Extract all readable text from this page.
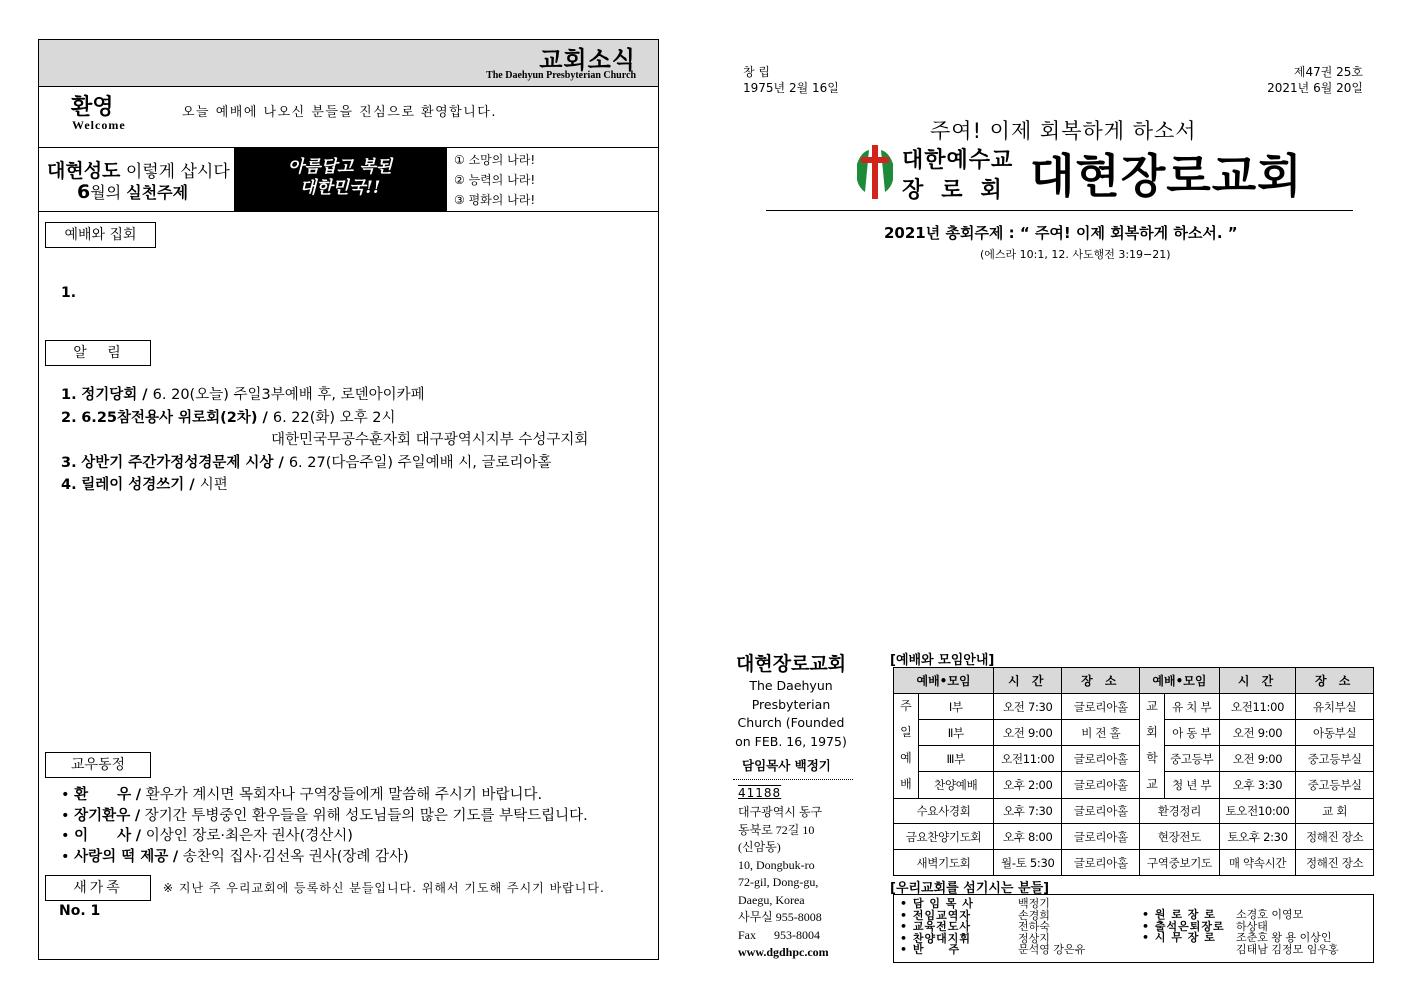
교회소식
The Daehyun Presbyterian Church
환영
Welcome
오늘 예배에 나오신 분들을 진심으로 환영합니다.
대현성도 이렇게 삽시다
6월의 실천주제
아름답고 복된
대한민국!!
① 소망의 나라!
② 능력의 나라!
③ 평화의 나라!
예배와 집회
1.
알 림
1. 정기당회 / 6. 20(오늘) 주일3부예배 후, 로덴아이카페
2. 6.25참전용사 위로회(2차) / 6. 22(화) 오후 2시
대한민국무공수훈자회 대구광역시지부 수성구지회
3. 상반기 주간가정성경문제 시상 / 6. 27(다음주일) 주일예배 시, 글로리아홀
4. 릴레이 성경쓰기 / 시편
교우동정
• 환　　우 / 환우가 계시면 목회자나 구역장들에게 말씀해 주시기 바랍니다.
• 장기환우 / 장기간 투병중인 환우들을 위해 성도님들의 많은 기도를 부탁드립니다.
• 이　　사 / 이상인 장로·최은자 권사(경산시)
• 사랑의 떡 제공 / 송찬익 집사·김선옥 권사(장례 감사)
새가족	※ 지난 주 우리교회에 등록하신 분들입니다. 위해서 기도해 주시기 바랍니다.
No. 1
창 립
1975년 2월 16일
제47권 25호
2021년 6월 20일
주여! 이제 회복하게 하소서
대한예수교
장로회 대현장로교회
2021년 총회주제 : “ 주여! 이제 회복하게 하소서. ”
(에스라 10:1, 12. 사도행전 3:19−21)
대현장로교회
The Daehyun Presbyterian Church (Founded on FEB. 16, 1975)
담임목사 백정기
41188
대구광역시 동구
동북로 72길 10
(신암동)
10, Dongbuk-ro
72-gil, Dong-gu,
Daegu, Korea
사무실 955-8008
Fax      953-8004
www.dgdhpc.com
[예배와 모임안내]
예배•모임		시 간	장 소	예배•모임		시 간	장 소
주	Ⅰ부	오전 7:30	글로리아홀	교	유 치 부	오전11:00	유치부실
일	Ⅱ부	오전 9:00	비 전 홀	회	아 동 부	오전 9:00	아동부실
예	Ⅲ부	오전11:00	글로리아홀	학	중고등부	오전 9:00	중고등부실
배	찬양예배	오후 2:00	글로리아홀	교	청 년 부	오후 3:30	중고등부실
수요사경회		오후 7:30	글로리아홀	환경정리		토오전10:00	교 회
금요찬양기도회		오후 8:00	글로리아홀	현장전도		토오후 2:30	정해진 장소
새벽기도회		월-토 5:30	글로리아홀	구역중보기도		매 약속시간	정해진 장소
[우리교회를 섬기시는 분들]
• 담 임 목 사	백정기
• 전임교역자	손경희
• 교육전도사	전하숙
• 찬양대지휘	정상지
• 반　　주	문석영 강은유
• 원 로 장 로	소경호 이영모
• 출석은퇴장로	하상태
• 시 무 장 로	조춘호 왕 용 이상인
김태남 김정모 임우홍
